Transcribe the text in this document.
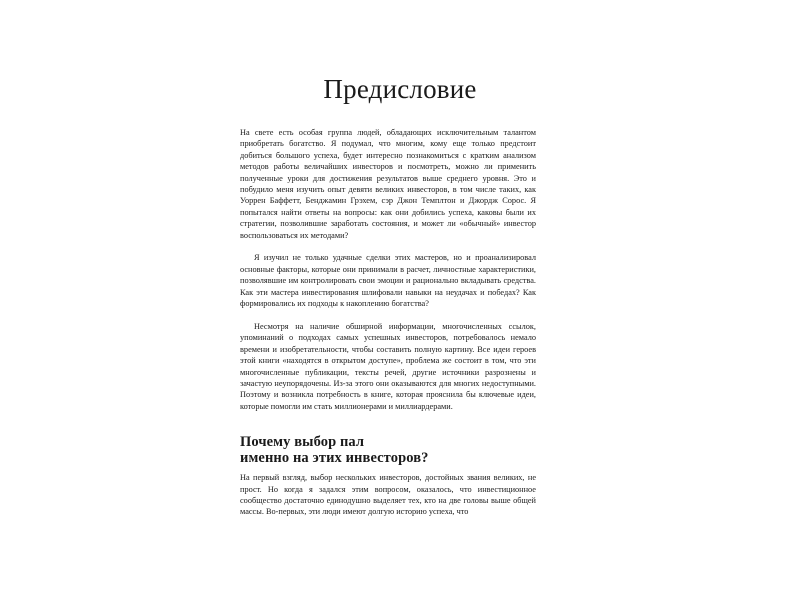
Предисловие

На свете есть особая группа людей, обладающих исключительным талантом приобретать богатство. Я подумал, что многим, кому еще только предстоит добиться большого успеха, будет интересно познакомиться с кратким анализом методов работы величайших инвесторов и посмотреть, можно ли применить полученные уроки для достижения результатов выше среднего уровня. Это и побудило меня изучить опыт девяти великих инвесторов, в том числе таких, как Уоррен Баффетт, Бенджамин Грэхем, сэр Джон Темплтон и Джордж Сорос. Я попытался найти ответы на вопросы: как они добились успеха, каковы были их стратегии, позволившие заработать состояния, и может ли «обычный» инвестор воспользоваться их методами?

Я изучил не только удачные сделки этих мастеров, но и проанализировал основные факторы, которые они принимали в расчет, личностные характеристики, позволявшие им контролировать свои эмоции и рационально вкладывать средства. Как эти мастера инвестирования шлифовали навыки на неудачах и победах? Как формировались их подходы к накоплению богатства?

Несмотря на наличие обширной информации, многочисленных ссылок, упоминаний о подходах самых успешных инвесторов, потребовалось немало времени и изобретательности, чтобы составить полную картину. Все идеи героев этой книги «находятся в открытом доступе», проблема же состоит в том, что эти многочисленные публикации, тексты речей, другие источники разрознены и зачастую неупорядочены. Из-за этого они оказываются для многих недоступными. Поэтому и возникла потребность в книге, которая прояснила бы ключевые идеи, которые помогли им стать миллионерами и миллиардерами.

Почему выбор пал
именно на этих инвесторов?

На первый взгляд, выбор нескольких инвесторов, достойных звания великих, не прост. Но когда я задался этим вопросом, оказалось, что инвестиционное сообщество достаточно единодушно выделяет тех, кто на две головы выше общей массы. Во-первых, эти люди имеют долгую историю успеха, что
